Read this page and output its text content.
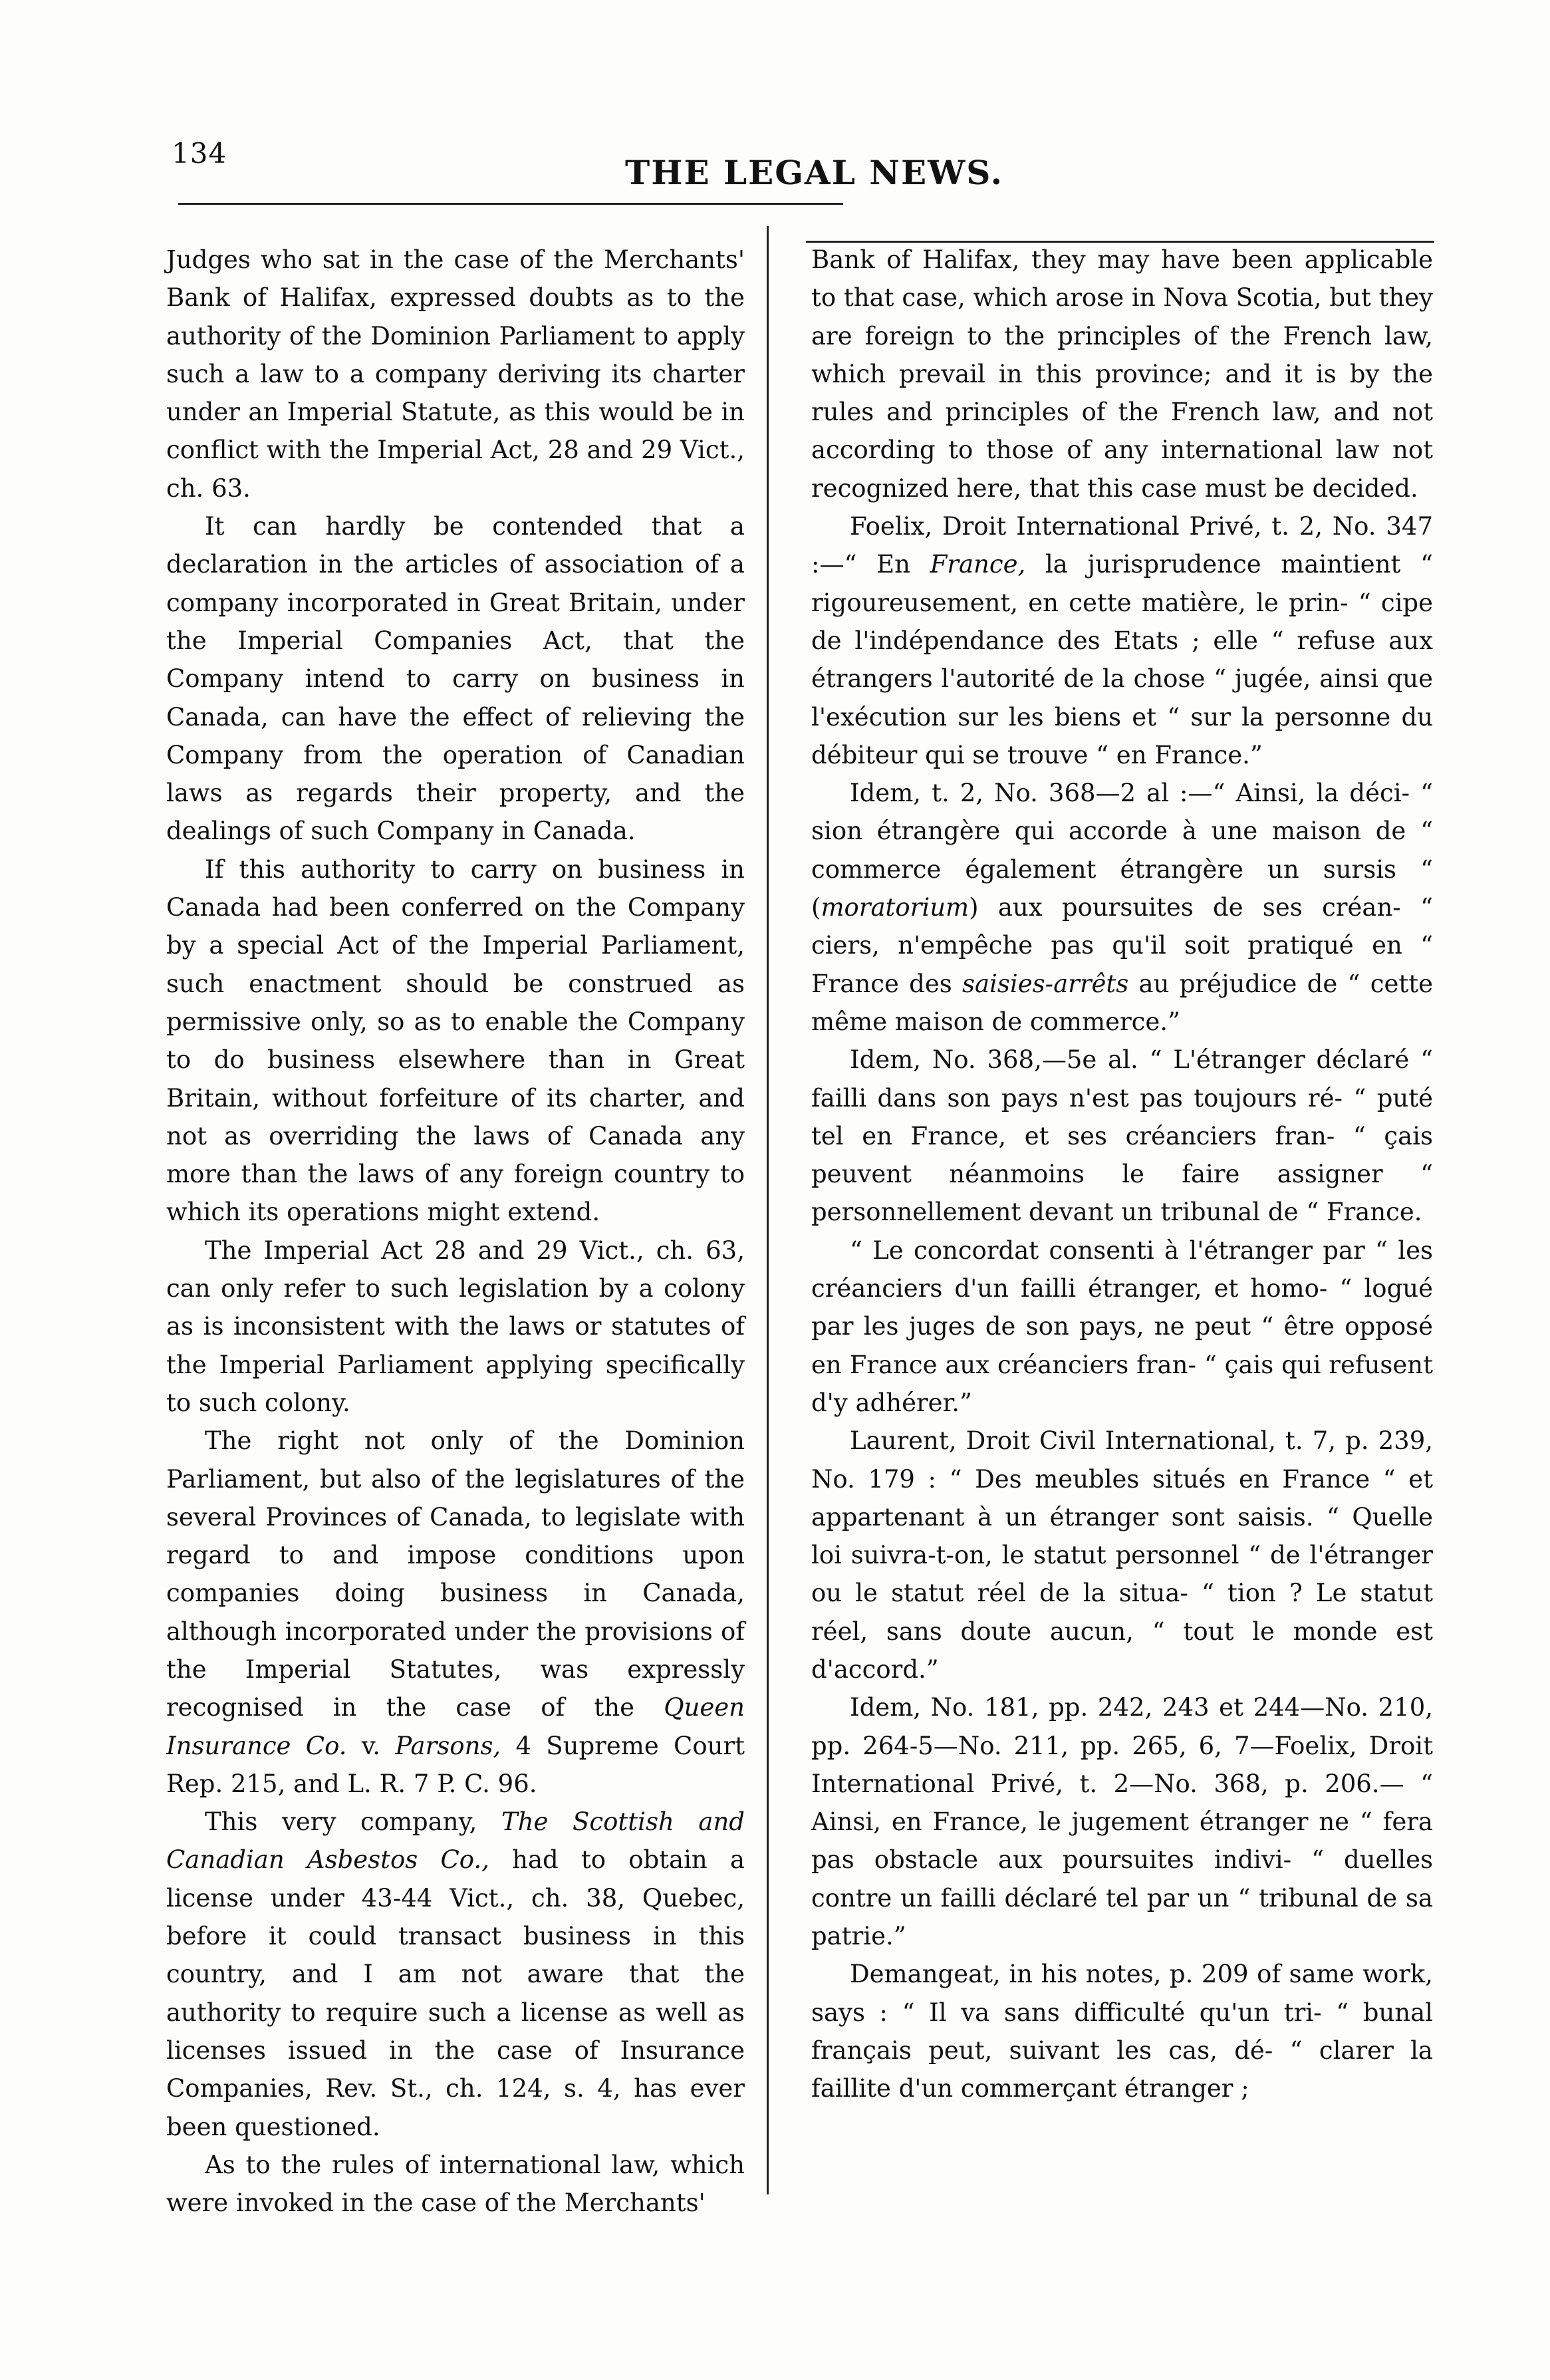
134	THE LEGAL NEWS.

Judges who sat in the case of the Merchants' Bank of Halifax, expressed doubts as to the authority of the Dominion Parliament to apply such a law to a company deriving its charter under an Imperial Statute, as this would be in conflict with the Imperial Act, 28 and 29 Vict., ch. 63.

It can hardly be contended that a declaration in the articles of association of a company incorporated in Great Britain, under the Imperial Companies Act, that the Company intend to carry on business in Canada, can have the effect of relieving the Company from the operation of Canadian laws as regards their property, and the dealings of such Company in Canada.

If this authority to carry on business in Canada had been conferred on the Company by a special Act of the Imperial Parliament, such enactment should be construed as permissive only, so as to enable the Company to do business elsewhere than in Great Britain, without forfeiture of its charter, and not as overriding the laws of Canada any more than the laws of any foreign country to which its operations might extend.

The Imperial Act 28 and 29 Vict., ch. 63, can only refer to such legislation by a colony as is inconsistent with the laws or statutes of the Imperial Parliament applying specifically to such colony.

The right not only of the Dominion Parliament, but also of the legislatures of the several Provinces of Canada, to legislate with regard to and impose conditions upon companies doing business in Canada, although incorporated under the provisions of the Imperial Statutes, was expressly recognised in the case of the Queen Insurance Co. v. Parsons, 4 Supreme Court Rep. 215, and L. R. 7 P. C. 96.

This very company, The Scottish and Canadian Asbestos Co., had to obtain a license under 43-44 Vict., ch. 38, Quebec, before it could transact business in this country, and I am not aware that the authority to require such a license as well as licenses issued in the case of Insurance Companies, Rev. St., ch. 124, s. 4, has ever been questioned.

As to the rules of international law, which were invoked in the case of the Merchants'

Bank of Halifax, they may have been applicable to that case, which arose in Nova Scotia, but they are foreign to the principles of the French law, which prevail in this province; and it is by the rules and principles of the French law, and not according to those of any international law not recognized here, that this case must be decided.

Foelix, Droit International Privé, t. 2, No. 347 :—“ En France, la jurisprudence maintient “ rigoureusement, en cette matière, le prin- “ cipe de l'indépendance des Etats ; elle “ refuse aux étrangers l'autorité de la chose “ jugée, ainsi que l'exécution sur les biens et “ sur la personne du débiteur qui se trouve “ en France.”

Idem, t. 2, No. 368—2 al :—“ Ainsi, la déci- “ sion étrangère qui accorde à une maison de “ commerce également étrangère un sursis “ (moratorium) aux poursuites de ses créan- “ ciers, n'empêche pas qu'il soit pratiqué en “ France des saisies-arrêts au préjudice de “ cette même maison de commerce.”

Idem, No. 368,—5e al. “ L'étranger déclaré “ failli dans son pays n'est pas toujours ré- “ puté tel en France, et ses créanciers fran- “ çais peuvent néanmoins le faire assigner “ personnellement devant un tribunal de “ France.

“ Le concordat consenti à l'étranger par “ les créanciers d'un failli étranger, et homo- “ logué par les juges de son pays, ne peut “ être opposé en France aux créanciers fran- “ çais qui refusent d'y adhérer.”

Laurent, Droit Civil International, t. 7, p. 239, No. 179 : “ Des meubles situés en France “ et appartenant à un étranger sont saisis. “ Quelle loi suivra-t-on, le statut personnel “ de l'étranger ou le statut réel de la situa- “ tion ? Le statut réel, sans doute aucun, “ tout le monde est d'accord.”

Idem, No. 181, pp. 242, 243 et 244—No. 210, pp. 264-5—No. 211, pp. 265, 6, 7—Foelix, Droit International Privé, t. 2—No. 368, p. 206.— “ Ainsi, en France, le jugement étranger ne “ fera pas obstacle aux poursuites indivi- “ duelles contre un failli déclaré tel par un “ tribunal de sa patrie.”

Demangeat, in his notes, p. 209 of same work, says : “ Il va sans difficulté qu'un tri- “ bunal français peut, suivant les cas, dé- “ clarer la faillite d'un commerçant étranger ;
